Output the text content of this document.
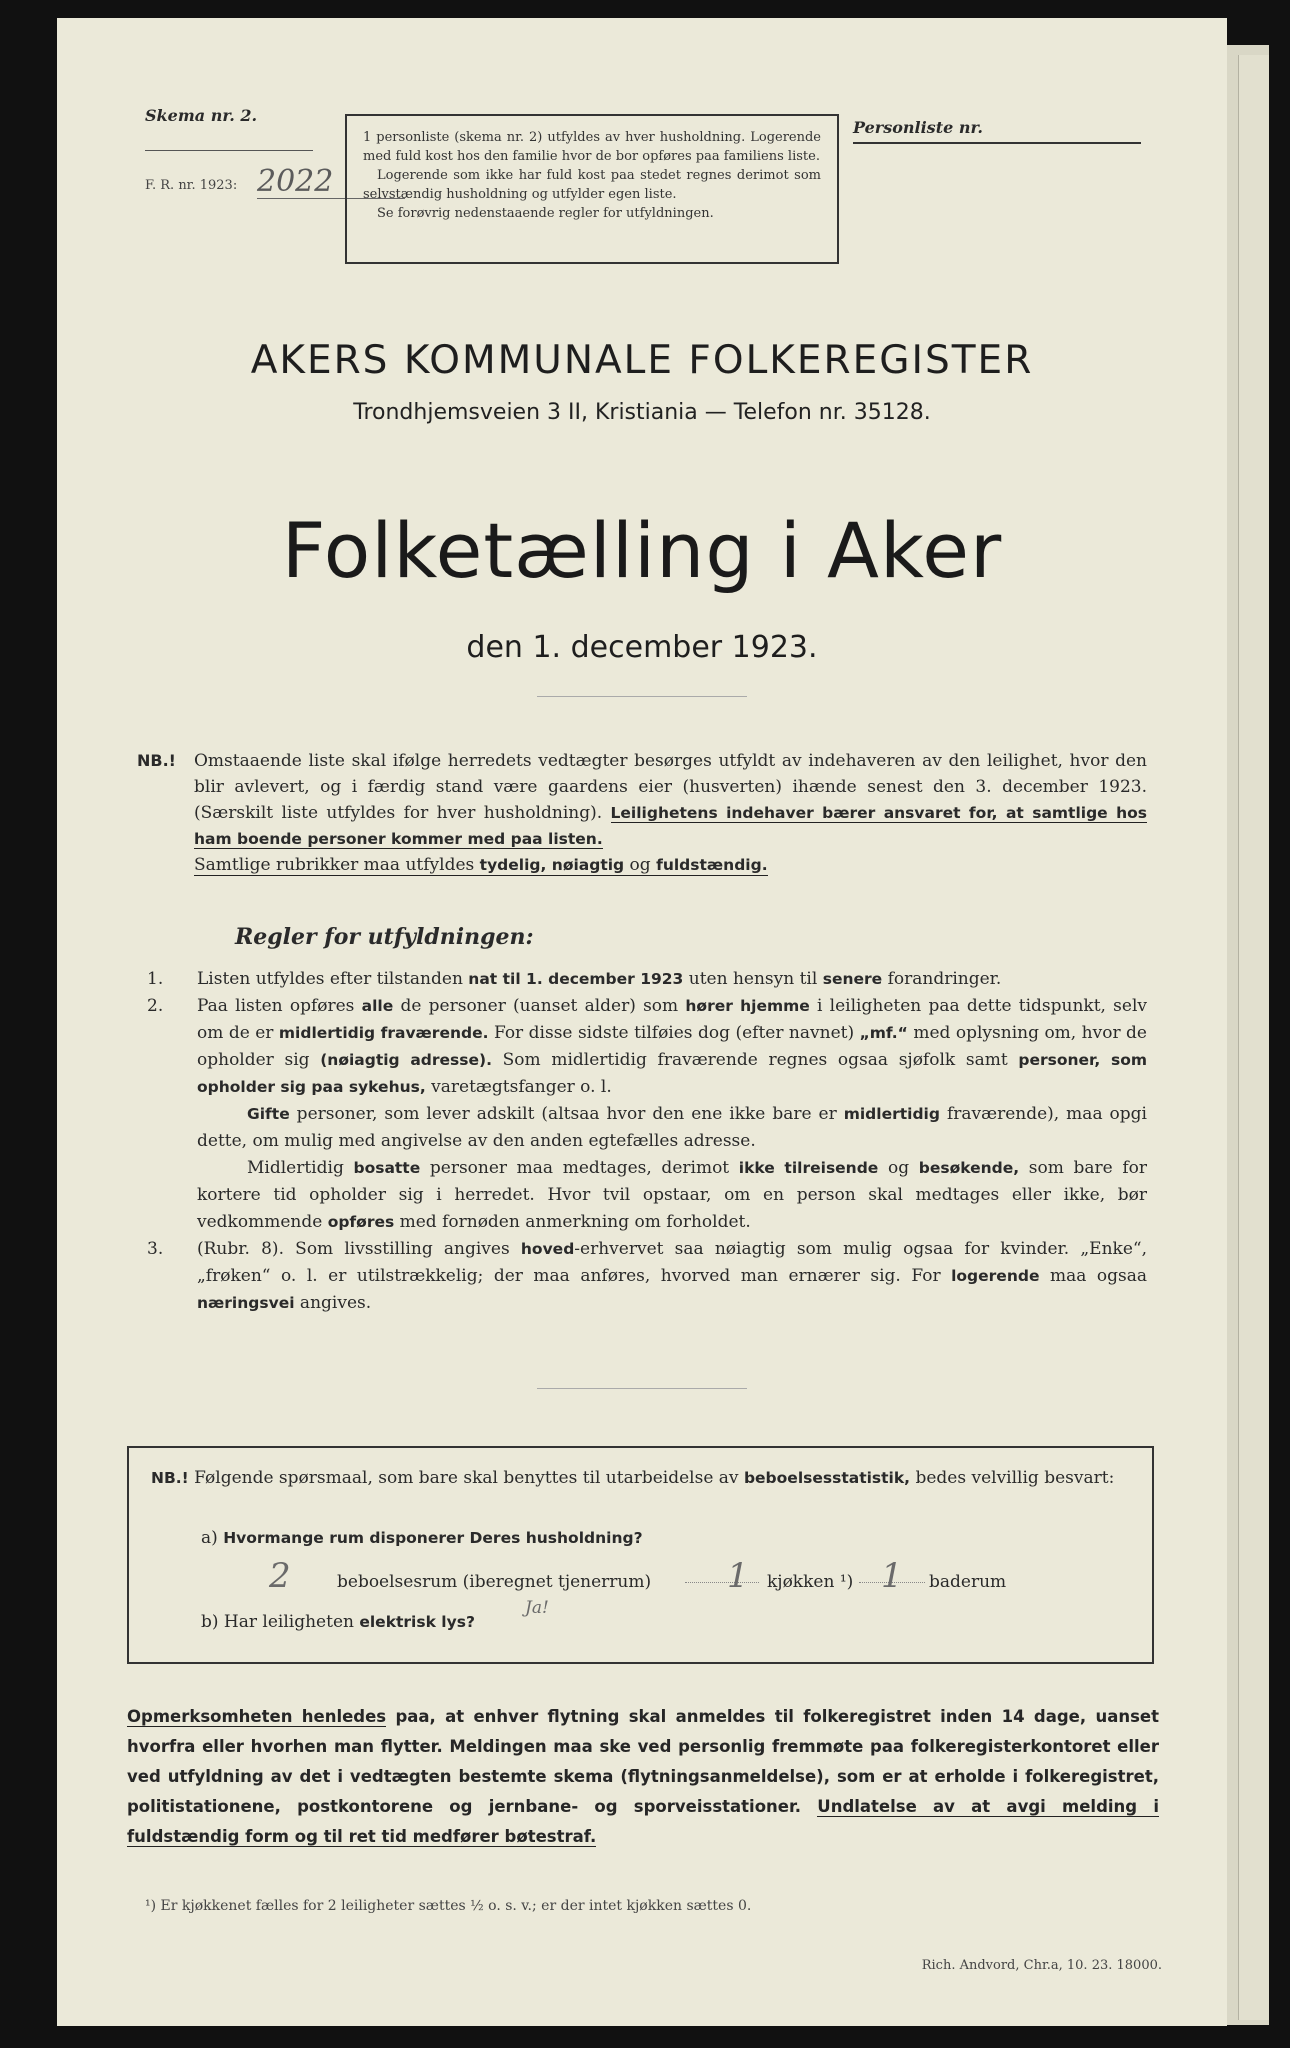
Skema nr. 2.
F. R. nr. 1923: 2022

1 personliste (skema nr. 2) utfyldes av hver husholdning. Logerende med fuld kost hos den familie hvor de bor opføres paa familiens liste.

Logerende som ikke har fuld kost paa stedet regnes derimot som selvstændig husholdning og utfylder egen liste.

Se forøvrig nedenstaaende regler for utfyldningen.

Personliste nr.
AKERS KOMMUNALE FOLKEREGISTER
Trondhjemsveien 3 II, Kristiania — Telefon nr. 35128.
Folketælling i Aker
den 1. december 1923.
NB.! Omstaaende liste skal ifølge herredets vedtægter besørges utfyldt av indehaveren av den leilighet, hvor den blir avlevert, og i færdig stand være gaardens eier (husverten) ihænde senest den 3. december 1923. (Særskilt liste utfyldes for hver husholdning). Leilighetens indehaver bærer ansvaret for, at samtlige hos ham boende personer kommer med paa listen.
Samtlige rubrikker maa utfyldes tydelig, nøiagtig og fuldstændig.
Regler for utfyldningen:
1. Listen utfyldes efter tilstanden nat til 1. december 1923 uten hensyn til senere forandringer.
2. Paa listen opføres alle de personer (uanset alder) som hører hjemme i leiligheten paa dette tidspunkt, selv om de er midlertidig fraværende. For disse sidste tilføies dog (efter navnet) „mf.“ med oplysning om, hvor de opholder sig (nøiagtig adresse). Som midlertidig fraværende regnes ogsaa sjøfolk samt personer, som opholder sig paa sykehus, varetægtsfanger o. l.
Gifte personer, som lever adskilt (altsaa hvor den ene ikke bare er midlertidig fraværende), maa opgi dette, om mulig med angivelse av den anden egtefælles adresse.
Midlertidig bosatte personer maa medtages, derimot ikke tilreisende og besøkende, som bare for kortere tid opholder sig i herredet. Hvor tvil opstaar, om en person skal medtages eller ikke, bør vedkommende opføres med fornøden anmerkning om forholdet.
3. (Rubr. 8). Som livsstilling angives hoved-erhvervet saa nøiagtig som mulig ogsaa for kvinder. „Enke“, „frøken“ o. l. er utilstrækkelig; der maa anføres, hvorved man ernærer sig. For logerende maa ogsaa næringsvei angives.
NB.! Følgende spørsmaal, som bare skal benyttes til utarbeidelse av beboelsesstatistik, bedes velvillig besvart:
a) Hvormange rum disponerer Deres husholdning?
2	beboelsesrum (iberegnet tjenerrum) 1 kjøkken ¹) 1 baderum
b) Har leiligheten elektrisk lys?
Ja!
Opmerksomheten henledes paa, at enhver flytning skal anmeldes til folkeregistret inden 14 dage, uanset hvorfra eller hvorhen man flytter. Meldingen maa ske ved personlig fremmøte paa folkeregisterkontoret eller ved utfyldning av det i vedtægten bestemte skema (flytningsanmeldelse), som er at erholde i folkeregistret, politistationene, postkontorene og jernbane- og sporveisstationer. Undlatelse av at avgi melding i fuldstændig form og til ret tid medfører bøtestraf.
¹) Er kjøkkenet fælles for 2 leiligheter sættes ½ o. s. v.; er der intet kjøkken sættes 0.
Rich. Andvord, Chr.a, 10. 23. 18000.
